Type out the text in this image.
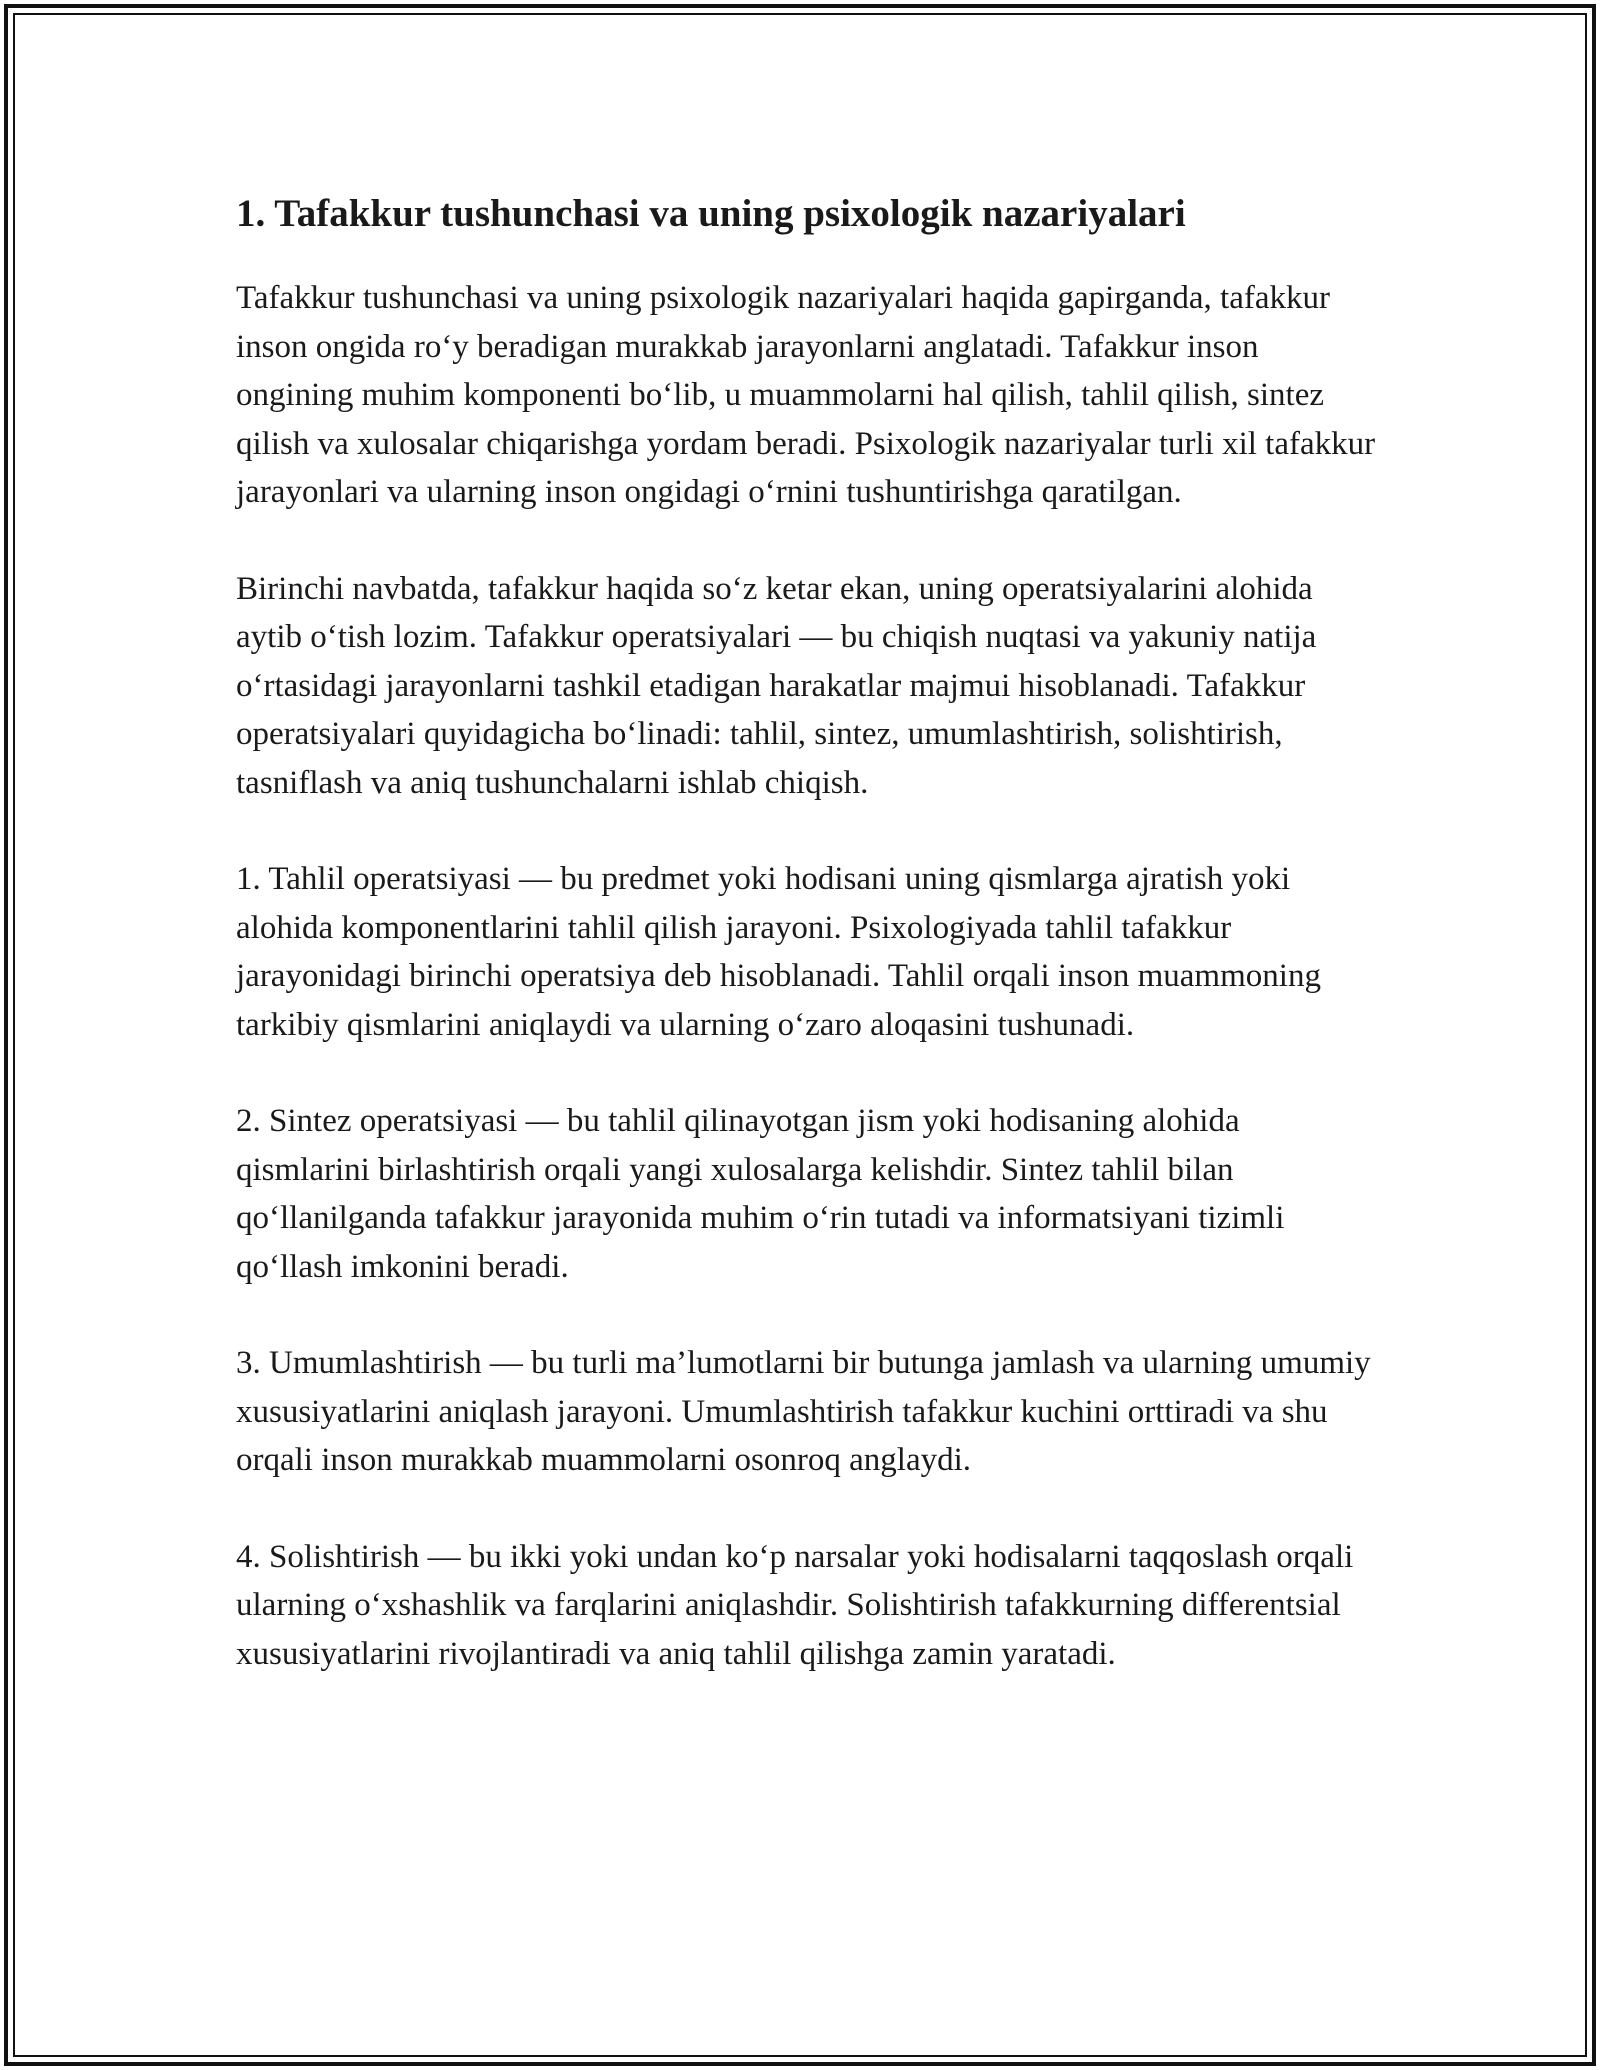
1. Tafakkur tushunchasi va uning psixologik nazariyalari

Tafakkur tushunchasi va uning psixologik nazariyalari haqida gapirganda, tafakkur inson ongida ro‘y beradigan murakkab jarayonlarni anglatadi. Tafakkur inson ongining muhim komponenti bo‘lib, u muammolarni hal qilish, tahlil qilish, sintez qilish va xulosalar chiqarishga yordam beradi. Psixologik nazariyalar turli xil tafakkur jarayonlari va ularning inson ongidagi o‘rnini tushuntirishga qaratilgan.

Birinchi navbatda, tafakkur haqida so‘z ketar ekan, uning operatsiyalarini alohida aytib o‘tish lozim. Tafakkur operatsiyalari — bu chiqish nuqtasi va yakuniy natija o‘rtasidagi jarayonlarni tashkil etadigan harakatlar majmui hisoblanadi. Tafakkur operatsiyalari quyidagicha bo‘linadi: tahlil, sintez, umumlashtirish, solishtirish, tasniflash va aniq tushunchalarni ishlab chiqish.

1. Tahlil operatsiyasi — bu predmet yoki hodisani uning qismlarga ajratish yoki alohida komponentlarini tahlil qilish jarayoni. Psixologiyada tahlil tafakkur jarayonidagi birinchi operatsiya deb hisoblanadi. Tahlil orqali inson muammoning tarkibiy qismlarini aniqlaydi va ularning o‘zaro aloqasini tushunadi.

2. Sintez operatsiyasi — bu tahlil qilinayotgan jism yoki hodisaning alohida qismlarini birlashtirish orqali yangi xulosalarga kelishdir. Sintez tahlil bilan qo‘llanilganda tafakkur jarayonida muhim o‘rin tutadi va informatsiyani tizimli qo‘llash imkonini beradi.

3. Umumlashtirish — bu turli ma’lumotlarni bir butunga jamlash va ularning umumiy xususiyatlarini aniqlash jarayoni. Umumlashtirish tafakkur kuchini orttiradi va shu orqali inson murakkab muammolarni osonroq anglaydi.

4. Solishtirish — bu ikki yoki undan ko‘p narsalar yoki hodisalarni taqqoslash orqali ularning o‘xshashlik va farqlarini aniqlashdir. Solishtirish tafakkurning differentsial xususiyatlarini rivojlantiradi va aniq tahlil qilishga zamin yaratadi.
